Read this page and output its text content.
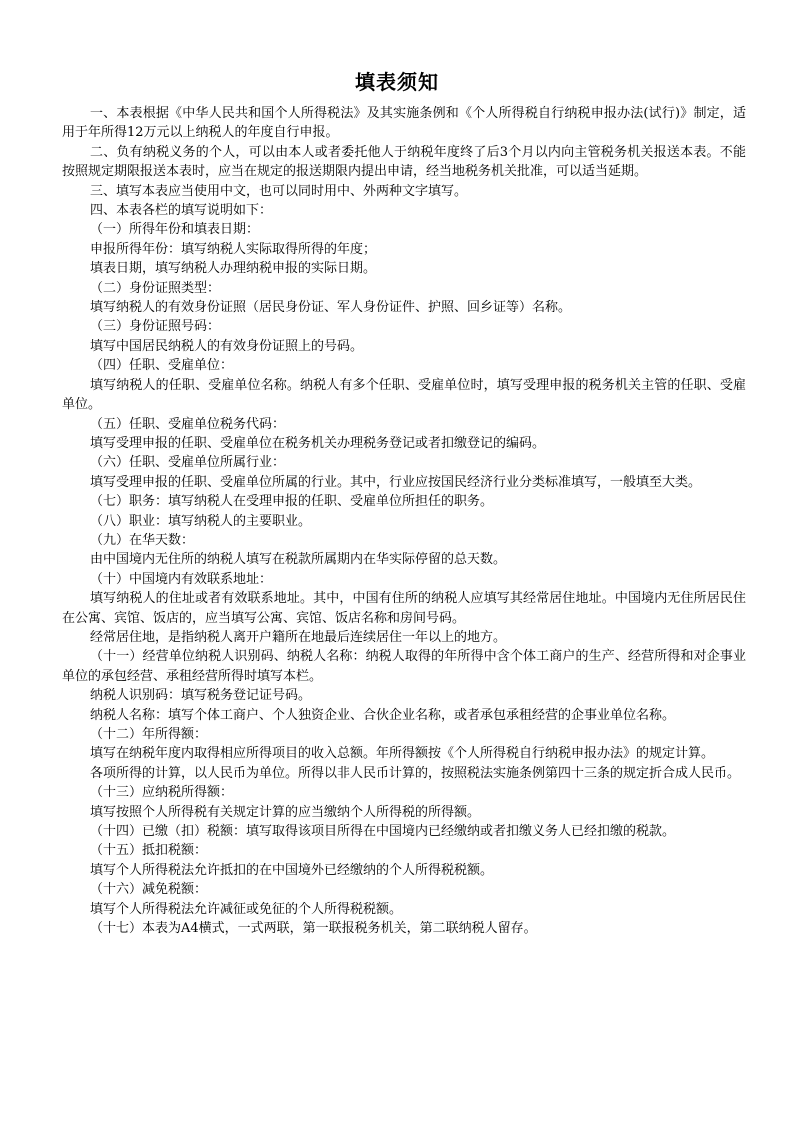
填表须知

一、本表根据《中华人民共和国个人所得税法》及其实施条例和《个人所得税自行纳税申报办法(试行)》制定，适用于年所得12万元以上纳税人的年度自行申报。

二、负有纳税义务的个人，可以由本人或者委托他人于纳税年度终了后3个月以内向主管税务机关报送本表。不能按照规定期限报送本表时，应当在规定的报送期限内提出申请，经当地税务机关批准，可以适当延期。

三、填写本表应当使用中文，也可以同时用中、外两种文字填写。

四、本表各栏的填写说明如下：

（一）所得年份和填表日期：

申报所得年份：填写纳税人实际取得所得的年度；

填表日期，填写纳税人办理纳税申报的实际日期。

（二）身份证照类型：

填写纳税人的有效身份证照（居民身份证、军人身份证件、护照、回乡证等）名称。

（三）身份证照号码：

填写中国居民纳税人的有效身份证照上的号码。

（四）任职、受雇单位：

填写纳税人的任职、受雇单位名称。纳税人有多个任职、受雇单位时，填写受理申报的税务机关主管的任职、受雇单位。

（五）任职、受雇单位税务代码：

填写受理申报的任职、受雇单位在税务机关办理税务登记或者扣缴登记的编码。

（六）任职、受雇单位所属行业：

填写受理申报的任职、受雇单位所属的行业。其中，行业应按国民经济行业分类标准填写，一般填至大类。

（七）职务：填写纳税人在受理申报的任职、受雇单位所担任的职务。

（八）职业：填写纳税人的主要职业。

（九）在华天数：

由中国境内无住所的纳税人填写在税款所属期内在华实际停留的总天数。

（十）中国境内有效联系地址：

填写纳税人的住址或者有效联系地址。其中，中国有住所的纳税人应填写其经常居住地址。中国境内无住所居民住在公寓、宾馆、饭店的，应当填写公寓、宾馆、饭店名称和房间号码。

经常居住地，是指纳税人离开户籍所在地最后连续居住一年以上的地方。

（十一）经营单位纳税人识别码、纳税人名称：纳税人取得的年所得中含个体工商户的生产、经营所得和对企事业单位的承包经营、承租经营所得时填写本栏。

纳税人识别码：填写税务登记证号码。

纳税人名称：填写个体工商户、个人独资企业、合伙企业名称，或者承包承租经营的企事业单位名称。

（十二）年所得额：

填写在纳税年度内取得相应所得项目的收入总额。年所得额按《个人所得税自行纳税申报办法》的规定计算。

各项所得的计算，以人民币为单位。所得以非人民币计算的，按照税法实施条例第四十三条的规定折合成人民币。

（十三）应纳税所得额：

填写按照个人所得税有关规定计算的应当缴纳个人所得税的所得额。

（十四）已缴（扣）税额：填写取得该项目所得在中国境内已经缴纳或者扣缴义务人已经扣缴的税款。

（十五）抵扣税额：

填写个人所得税法允许抵扣的在中国境外已经缴纳的个人所得税税额。

（十六）减免税额：

填写个人所得税法允许减征或免征的个人所得税税额。

（十七）本表为A4横式，一式两联，第一联报税务机关，第二联纳税人留存。
